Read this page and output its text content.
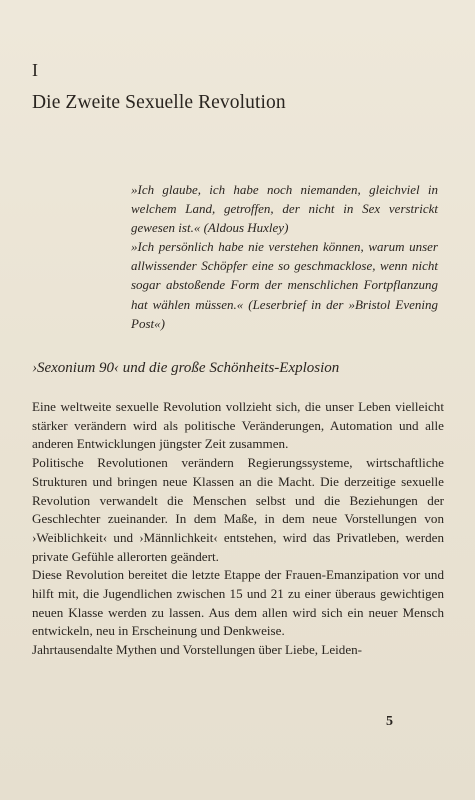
I
Die Zweite Sexuelle Revolution

»Ich glaube, ich habe noch niemanden, gleichviel in welchem Land, getroffen, der nicht in Sex verstrickt gewesen ist.« (Aldous Huxley)

»Ich persönlich habe nie verstehen können, warum unser allwissender Schöpfer eine so geschmacklose, wenn nicht sogar abstoßende Form der menschlichen Fortpflanzung hat wählen müssen.« (Leserbrief in der »Bristol Evening Post«)

›Sexonium 90‹ und die große Schönheits-Explosion

Eine weltweite sexuelle Revolution vollzieht sich, die unser Leben vielleicht stärker verändern wird als politische Veränderungen, Automation und alle anderen Entwicklungen jüngster Zeit zusammen.

Politische Revolutionen verändern Regierungssysteme, wirtschaftliche Strukturen und bringen neue Klassen an die Macht. Die derzeitige sexuelle Revolution verwandelt die Menschen selbst und die Beziehungen der Geschlechter zueinander. In dem Maße, in dem neue Vorstellungen von ›Weiblichkeit‹ und ›Männlichkeit‹ entstehen, wird das Privatleben, werden private Gefühle allerorten geändert.

Diese Revolution bereitet die letzte Etappe der Frauen-Emanzipation vor und hilft mit, die Jugendlichen zwischen 15 und 21 zu einer überaus gewichtigen neuen Klasse werden zu lassen. Aus dem allen wird sich ein neuer Mensch entwickeln, neu in Erscheinung und Denkweise.

Jahrtausendalte Mythen und Vorstellungen über Liebe, Leiden-

5
